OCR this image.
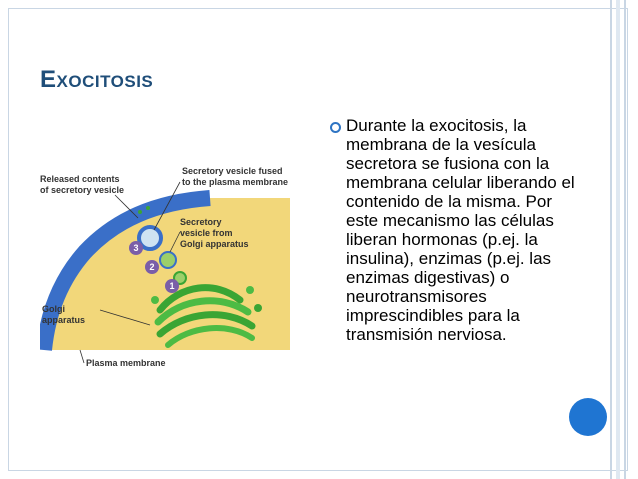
Exocitosis
3
2
1
Released contents
of secretory vesicle
Secretory vesicle fused
to the plasma membrane
Secretory
vesicle from
Golgi apparatus
Golgi
apparatus
Plasma membrane

Durante la exocitosis, la membrana de la vesícula secretora se fusiona con la membrana celular liberando el contenido de la misma. Por este mecanismo las células liberan hormonas (p.ej. la insulina), enzimas (p.ej. las enzimas digestivas) o neurotransmisores imprescindibles para la transmisión nerviosa.
